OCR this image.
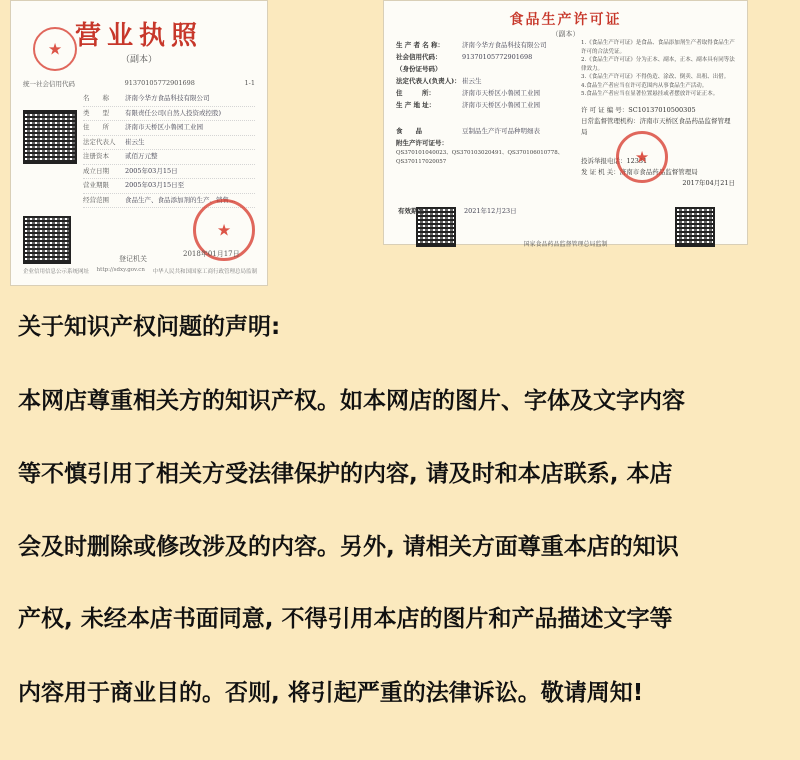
营业执照
（副本）
★
统一社会信用代码	91370105772901698	1-1
名　　称	济南今华方食品科技有限公司
类　　型	有限责任公司(自然人投资或控股)
住　　所	济南市天桥区小鲁园工业园
法定代表人	崔云生
注册资本	贰佰万元整
成立日期	2005年03月15日
营业期限	2005年03月15日至
经营范围	食品生产、食品添加剂的生产、销售...
登记机关
★
2018年01月17日
企业信用信息公示系统网址 http://sdxy.gov.cn 中华人民共和国国家工商行政管理总局监制
食品生产许可证
（副本）
生 产 者 名 称：	济南今华方食品科技有限公司
社会信用代码：	91370105772901698
（身份证号码）
法定代表人(负责人)： 崔云生
住　　　所：	济南市天桥区小鲁园工业园
生 产 地 址：	济南市天桥区小鲁园工业园
食　　品	豆制品生产许可品种明细表
附生产许可证号：
QS370101040023、QS370103020491、QS370106010778、QS370117020057
1.《食品生产许可证》是食品、食品添加剂生产者取得食品生产许可的合法凭证。
2.《食品生产许可证》分为正本、副本，正本、副本具有同等法律效力。
3.《食品生产许可证》不得伪造、涂改、倒卖、出租、出借。
4.食品生产者应当在许可范围内从事食品生产活动。
5.食品生产者应当在显著位置悬挂或者摆放许可证正本。
许 可 证 编 号：SC10137010500305
日常监督管理机构：济南市天桥区食品药品监督管理局
投诉举报电话：12331
发 证 机 关：济南市食品药品监督管理局
2017年04月21日
有效期至	2021年12月23日
★
国家食品药品监督管理总局监制
关于知识产权问题的声明:
本网店尊重相关方的知识产权。如本网店的图片、字体及文字内容
等不慎引用了相关方受法律保护的内容, 请及时和本店联系, 本店
会及时删除或修改涉及的内容。另外, 请相关方面尊重本店的知识
产权, 未经本店书面同意, 不得引用本店的图片和产品描述文字等
内容用于商业目的。否则, 将引起严重的法律诉讼。敬请周知!
